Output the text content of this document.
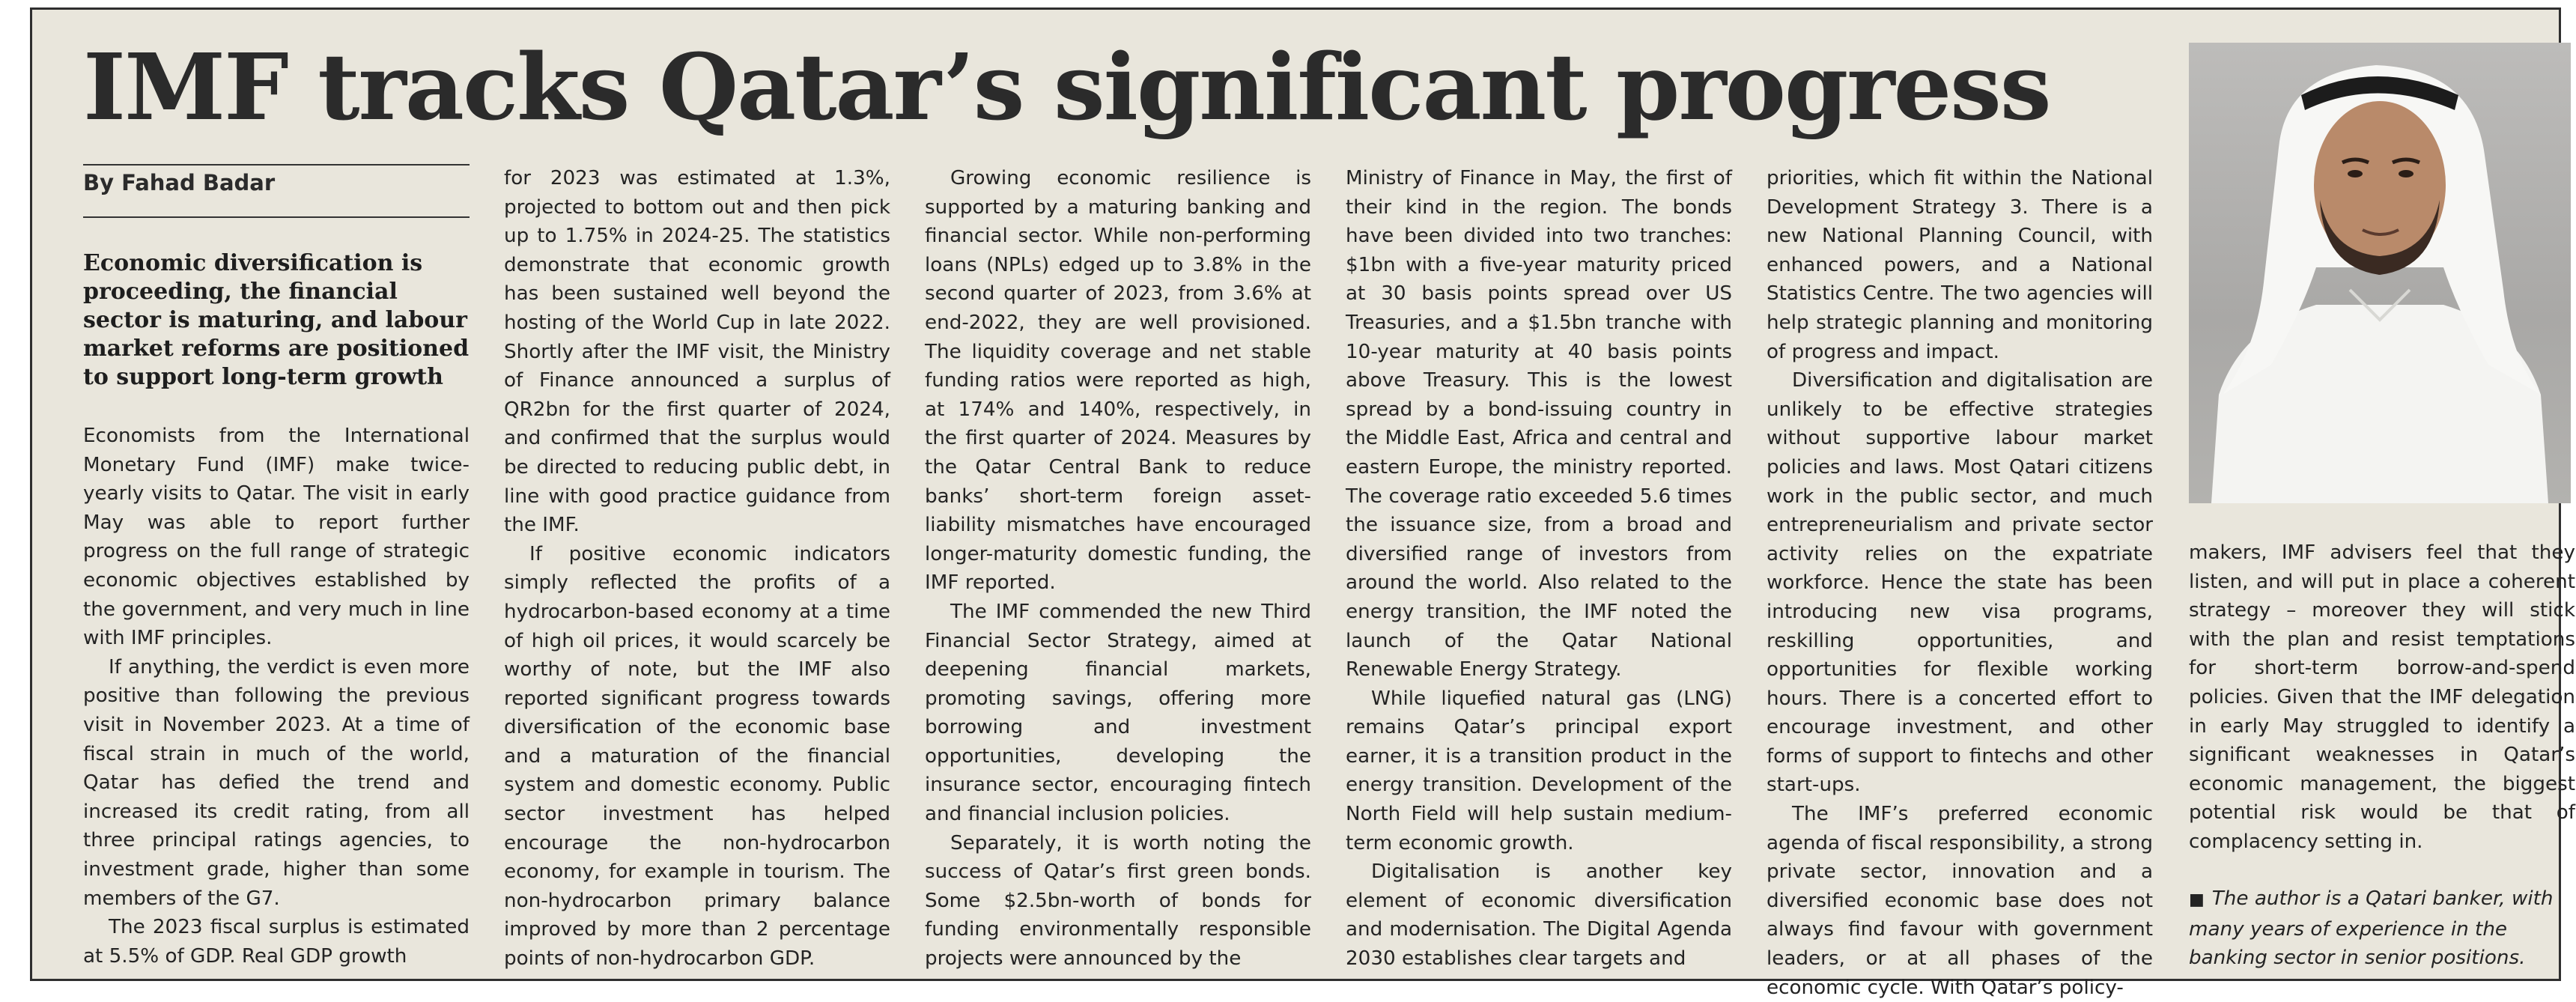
IMF tracks Qatar’s significant progress
By Fahad Badar
Economic diversification is proceeding, the financial sector is maturing, and labour market reforms are positioned to support long-term growth

Economists from the International Monetary Fund (IMF) make twice-yearly visits to Qatar. The visit in early May was able to report further progress on the full range of strategic economic objectives established by the government, and very much in line with IMF principles.

If anything, the verdict is even more positive than following the previous visit in November 2023. At a time of fiscal strain in much of the world, Qatar has defied the trend and increased its credit rating, from all three principal ratings agencies, to investment grade, higher than some members of the G7.

The 2023 fiscal surplus is estimated at 5.5% of GDP. Real GDP growth

for 2023 was estimated at 1.3%, projected to bottom out and then pick up to 1.75% in 2024-25. The statistics demonstrate that economic growth has been sustained well beyond the hosting of the World Cup in late 2022. Shortly after the IMF visit, the Ministry of Finance announced a surplus of QR2bn for the first quarter of 2024, and confirmed that the surplus would be directed to reducing public debt, in line with good practice guidance from the IMF.

If positive economic indicators simply reflected the profits of a hydrocarbon-based economy at a time of high oil prices, it would scarcely be worthy of note, but the IMF also reported significant progress towards diversification of the economic base and a maturation of the financial system and domestic economy. Public sector investment has helped encourage the non-hydrocarbon economy, for example in tourism. The non-hydrocarbon primary balance improved by more than 2 percentage points of non-hydrocarbon GDP.

Growing economic resilience is supported by a maturing banking and financial sector. While non-performing loans (NPLs) edged up to 3.8% in the second quarter of 2023, from 3.6% at end-2022, they are well provisioned. The liquidity coverage and net stable funding ratios were reported as high, at 174% and 140%, respectively, in the first quarter of 2024. Measures by the Qatar Central Bank to reduce banks’ short-term foreign asset-liability mismatches have encouraged longer-maturity domestic funding, the IMF reported.

The IMF commended the new Third Financial Sector Strategy, aimed at deepening financial markets, promoting savings, offering more borrowing and investment opportunities, developing the insurance sector, encouraging fintech and financial inclusion policies.

Separately, it is worth noting the success of Qatar’s first green bonds. Some $2.5bn-worth of bonds for funding environmentally responsible projects were announced by the

Ministry of Finance in May, the first of their kind in the region. The bonds have been divided into two tranches: $1bn with a five-year maturity priced at 30 basis points spread over US Treasuries, and a $1.5bn tranche with 10-year maturity at 40 basis points above Treasury. This is the lowest spread by a bond-issuing country in the Middle East, Africa and central and eastern Europe, the ministry reported. The coverage ratio exceeded 5.6 times the issuance size, from a broad and diversified range of investors from around the world. Also related to the energy transition, the IMF noted the launch of the Qatar National Renewable Energy Strategy.

While liquefied natural gas (LNG) remains Qatar’s principal export earner, it is a transition product in the energy transition. Development of the North Field will help sustain medium-term economic growth.

Digitalisation is another key element of economic diversification and modernisation. The Digital Agenda 2030 establishes clear targets and

priorities, which fit within the National Development Strategy 3. There is a new National Planning Council, with enhanced powers, and a National Statistics Centre. The two agencies will help strategic planning and monitoring of progress and impact.

Diversification and digitalisation are unlikely to be effective strategies without supportive labour market policies and laws. Most Qatari citizens work in the public sector, and much entrepreneurialism and private sector activity relies on the expatriate workforce. Hence the state has been introducing new visa programs, reskilling opportunities, and opportunities for flexible working hours. There is a concerted effort to encourage investment, and other forms of support to fintechs and other start-ups.

The IMF’s preferred economic agenda of fiscal responsibility, a strong private sector, innovation and a diversified economic base does not always find favour with government leaders, or at all phases of the economic cycle. With Qatar’s policy-

makers, IMF advisers feel that they listen, and will put in place a coherent strategy – moreover they will stick with the plan and resist temptations for short-term borrow-and-spend policies. Given that the IMF delegation in early May struggled to identify a significant weaknesses in Qatar’s economic management, the biggest potential risk would be that of complacency setting in.

■ The author is a Qatari banker, with many years of experience in the banking sector in senior positions.
